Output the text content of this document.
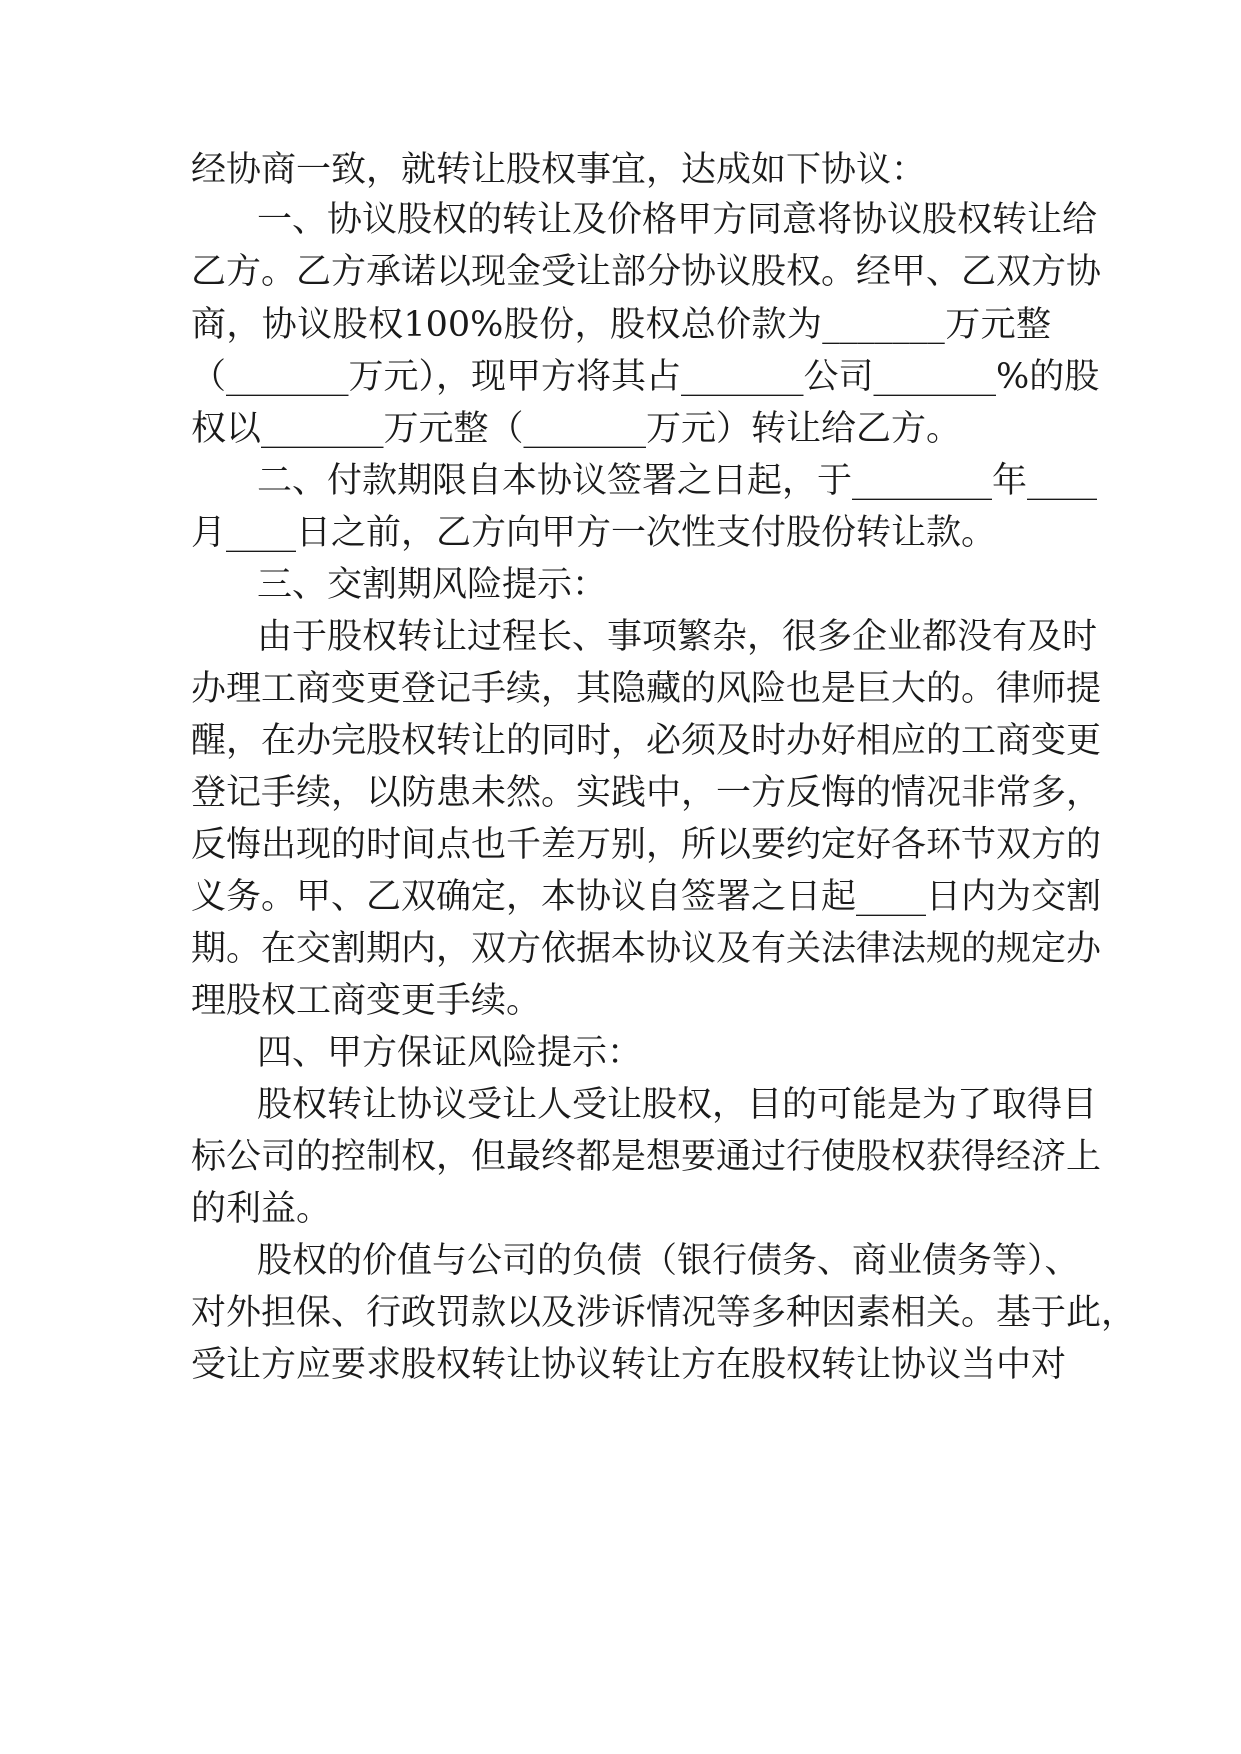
经协商一致，就转让股权事宜，达成如下协议：
一、协议股权的转让及价格甲方同意将协议股权转让给
乙方。乙方承诺以现金受让部分协议股权。经甲、乙双方协
商，协议股权100%股份，股权总价款为_______万元整
（_______万元），现甲方将其占_______公司_______%的股
权以_______万元整（_______万元）转让给乙方。
二、付款期限自本协议签署之日起，于________年____
月____日之前，乙方向甲方一次性支付股份转让款。
三、交割期风险提示：
由于股权转让过程长、事项繁杂，很多企业都没有及时
办理工商变更登记手续，其隐藏的风险也是巨大的。律师提
醒，在办完股权转让的同时，必须及时办好相应的工商变更
登记手续，以防患未然。实践中，一方反悔的情况非常多，
反悔出现的时间点也千差万别，所以要约定好各环节双方的
义务。甲、乙双确定，本协议自签署之日起____日内为交割
期。在交割期内，双方依据本协议及有关法律法规的规定办
理股权工商变更手续。
四、甲方保证风险提示：
股权转让协议受让人受让股权，目的可能是为了取得目
标公司的控制权，但最终都是想要通过行使股权获得经济上
的利益。
股权的价值与公司的负债（银行债务、商业债务等）、
对外担保、行政罚款以及涉诉情况等多种因素相关。基于此，
受让方应要求股权转让协议转让方在股权转让协议当中对
